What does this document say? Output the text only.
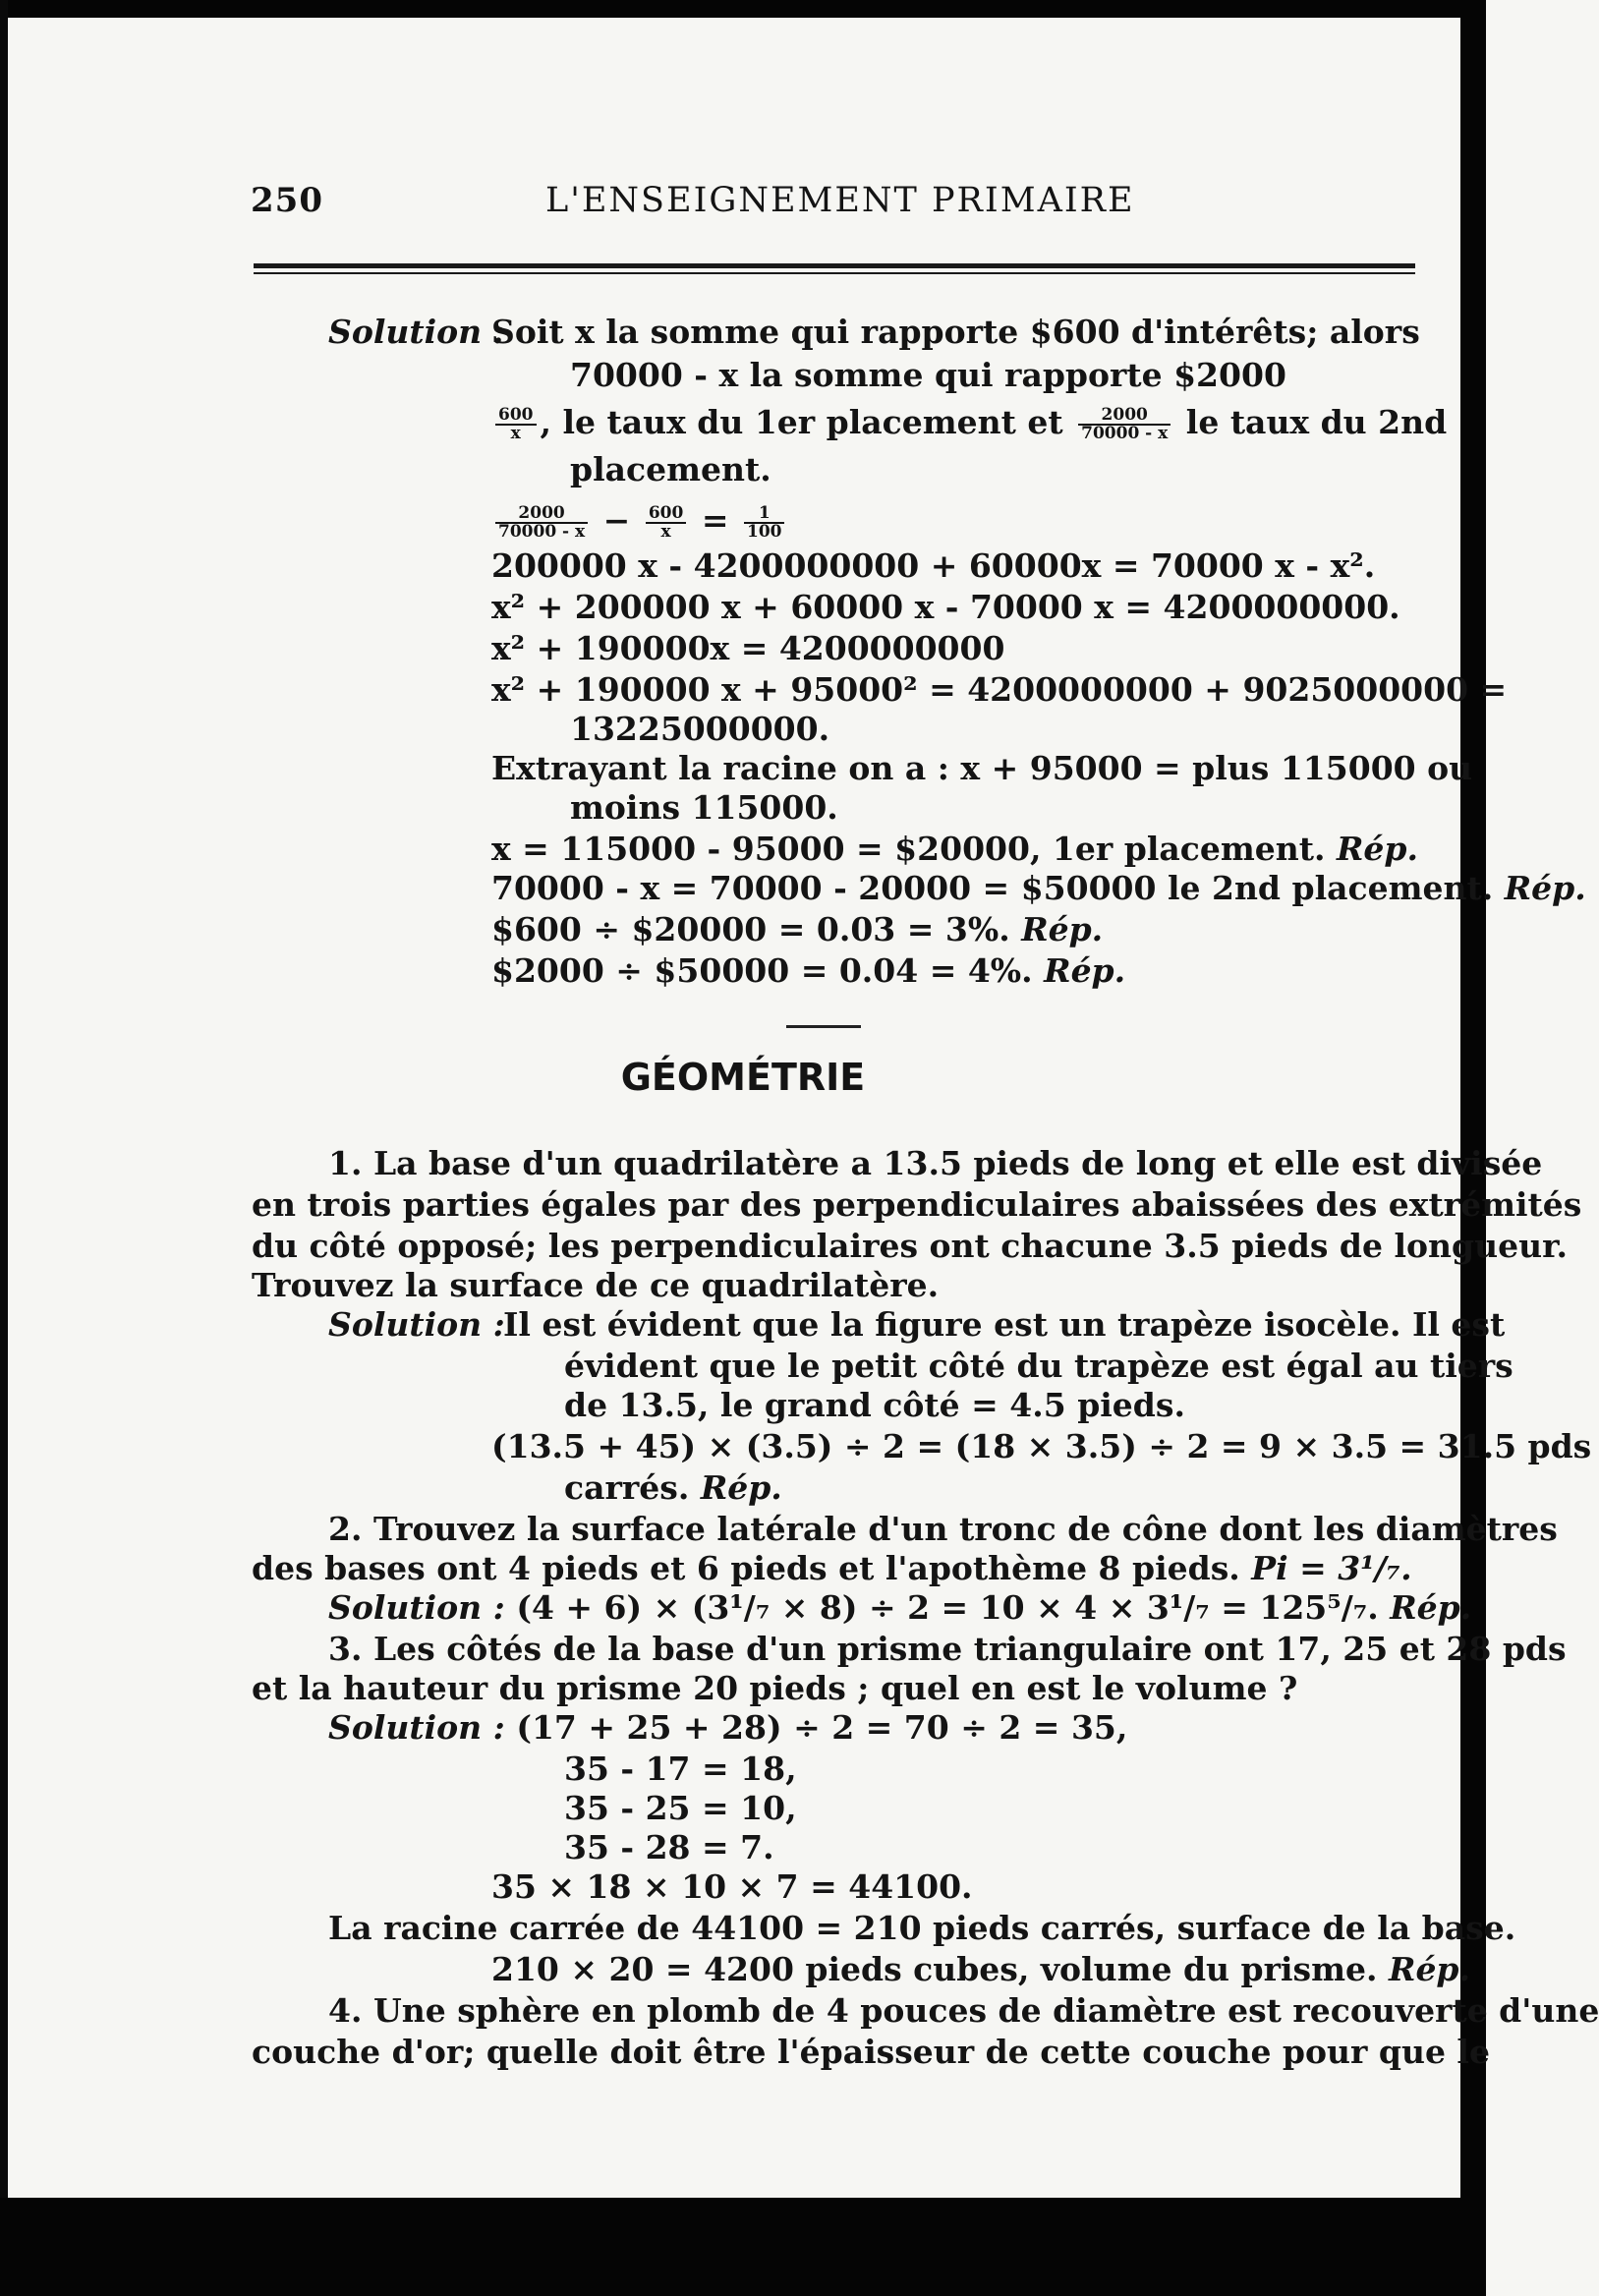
250	L'ENSEIGNEMENT PRIMAIRE
Solution :
Soit x la somme qui rapporte $600 d'intérêts; alors
70000 - x la somme qui rapporte $2000
$\frac{600}{x}$ , le taux du 1er placement et $\frac{2000}{70000 - x}$ le taux du 2nd
placement.
$\frac{2000}{70000 - x} - \frac{600}{x} = \frac{1}{100}$
200000 x - 4200000000 + 60000x = 70000 x - x².
x² + 200000 x + 60000 x - 70000 x = 4200000000.
x² + 190000x = 4200000000
x² + 190000 x + 95000² = 4200000000 + 9025000000 =
13225000000.
Extrayant la racine on a : x + 95000 = plus 115000 ou
moins 115000.
x = 115000 - 95000 = $20000, 1er placement. Rép.
70000 - x = 70000 - 20000 = $50000 le 2nd placement. Rép.
$600 ÷ $20000 = 0.03 = 3%. Rép.
$2000 ÷ $50000 = 0.04 = 4%. Rép.
GÉOMÉTRIE
1. La base d'un quadrilatère a 13.5 pieds de long et elle est divisée
en trois parties égales par des perpendiculaires abaissées des extrémités
du côté opposé; les perpendiculaires ont chacune 3.5 pieds de longueur.
Trouvez la surface de ce quadrilatère.
Solution :
Il est évident que la figure est un trapèze isocèle. Il est
évident que le petit côté du trapèze est égal au tiers
de 13.5, le grand côté = 4.5 pieds.
(13.5 + 45) × (3.5) ÷ 2 = (18 × 3.5) ÷ 2 = 9 × 3.5 = 31.5 pds
carrés. Rép.
2. Trouvez la surface latérale d'un tronc de cône dont les diamètres
des bases ont 4 pieds et 6 pieds et l'apothème 8 pieds. Pi = 3¹/₇.
Solution : (4 + 6) × (3¹/₇ × 8) ÷ 2 = 10 × 4 × 3¹/₇ = 125⁵/₇. Rép.
3. Les côtés de la base d'un prisme triangulaire ont 17, 25 et 28 pds
et la hauteur du prisme 20 pieds ; quel en est le volume ?
Solution : (17 + 25 + 28) ÷ 2 = 70 ÷ 2 = 35,
35 - 17 = 18,
35 - 25 = 10,
35 - 28 = 7.
35 × 18 × 10 × 7 = 44100.
La racine carrée de 44100 = 210 pieds carrés, surface de la base.
210 × 20 = 4200 pieds cubes, volume du prisme. Rép.
4. Une sphère en plomb de 4 pouces de diamètre est recouverte d'une
couche d'or; quelle doit être l'épaisseur de cette couche pour que le
